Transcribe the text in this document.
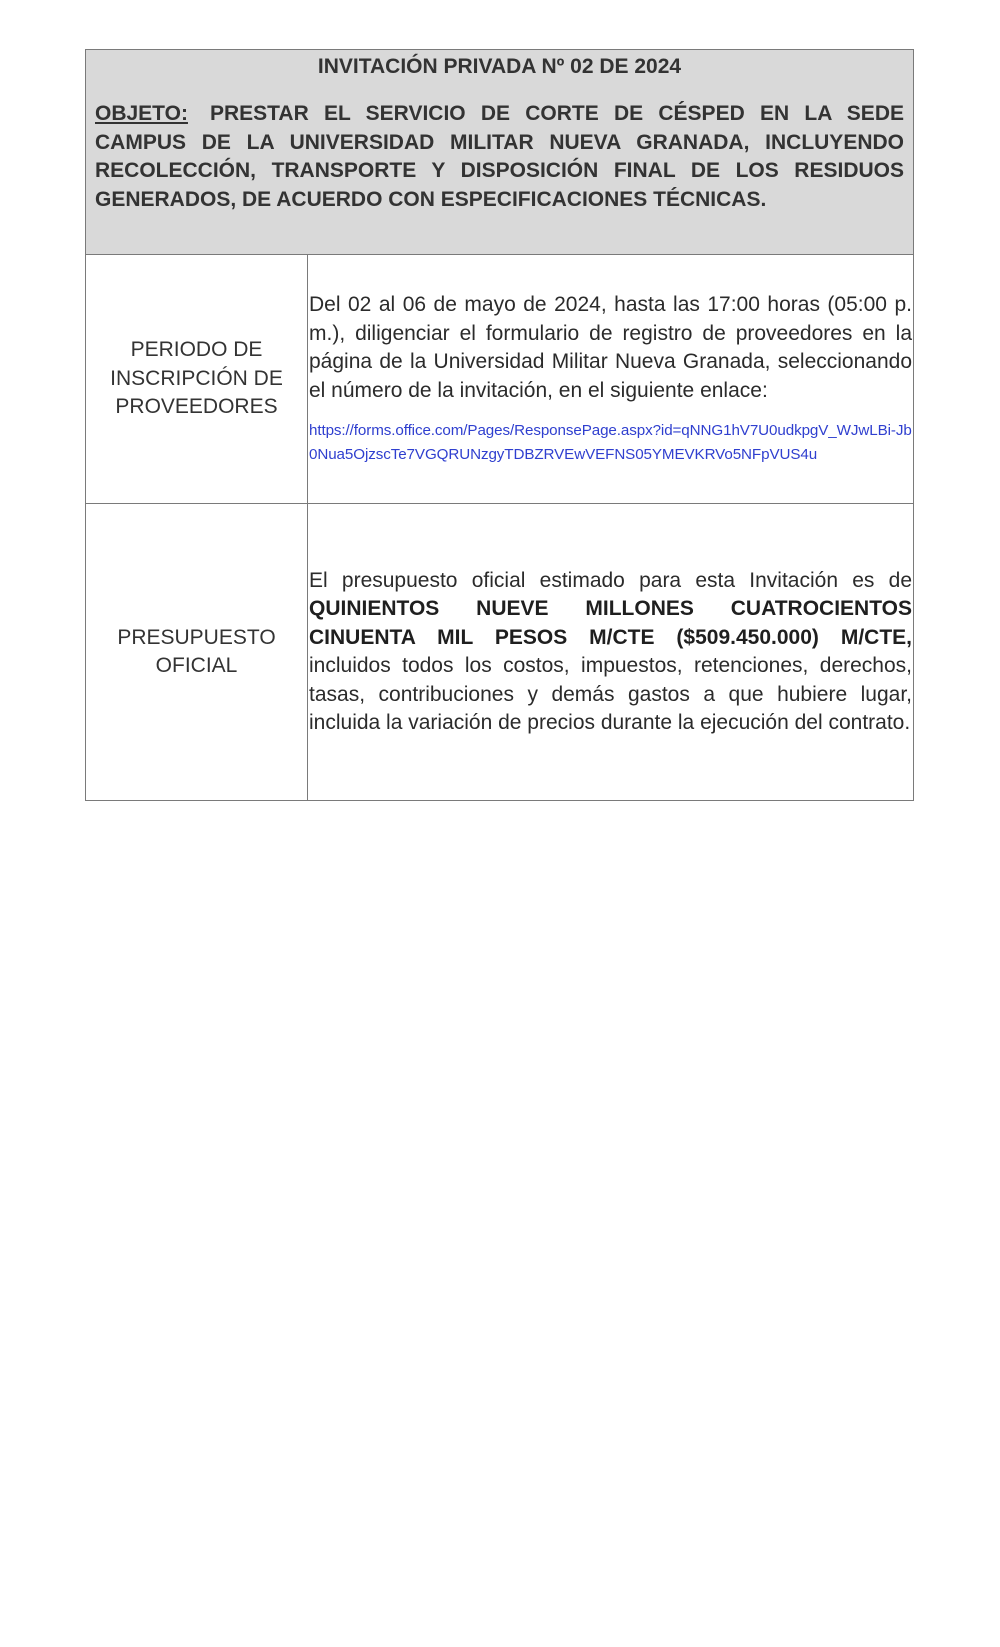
INVITACIÓN PRIVADA Nº 02 DE 2024

OBJETO: PRESTAR EL SERVICIO DE CORTE DE CÉSPED EN LA SEDE CAMPUS DE LA UNIVERSIDAD MILITAR NUEVA GRANADA, INCLUYENDO RECOLECCIÓN, TRANSPORTE Y DISPOSICIÓN FINAL DE LOS RESIDUOS GENERADOS, DE ACUERDO CON ESPECIFICACIONES TÉCNICAS.	

PERIODO DE INSCRIPCIÓN DE PROVEEDORES	Del 02 al 06 de mayo de 2024, hasta las 17:00 horas (05:00 p. m.), diligenciar el formulario de registro de proveedores en la página de la Universidad Militar Nueva Granada, seleccionando el número de la invitación, en el siguiente enlace:

https://forms.office.com/Pages/ResponsePage.aspx?id=qNNG1hV7U0udkpgV_WJwLBi-Jb0Nua5OjzscTe7VGQRUNzgyTDBZRVEwVEFNS05YMEVKRVo5NFpVUS4u

PRESUPUESTO OFICIAL	El presupuesto oficial estimado para esta Invitación es de QUINIENTOS NUEVE MILLONES CUATROCIENTOS CINUENTA MIL PESOS M/CTE ($509.450.000) M/CTE, incluidos todos los costos, impuestos, retenciones, derechos, tasas, contribuciones y demás gastos a que hubiere lugar, incluida la variación de precios durante la ejecución del contrato.
